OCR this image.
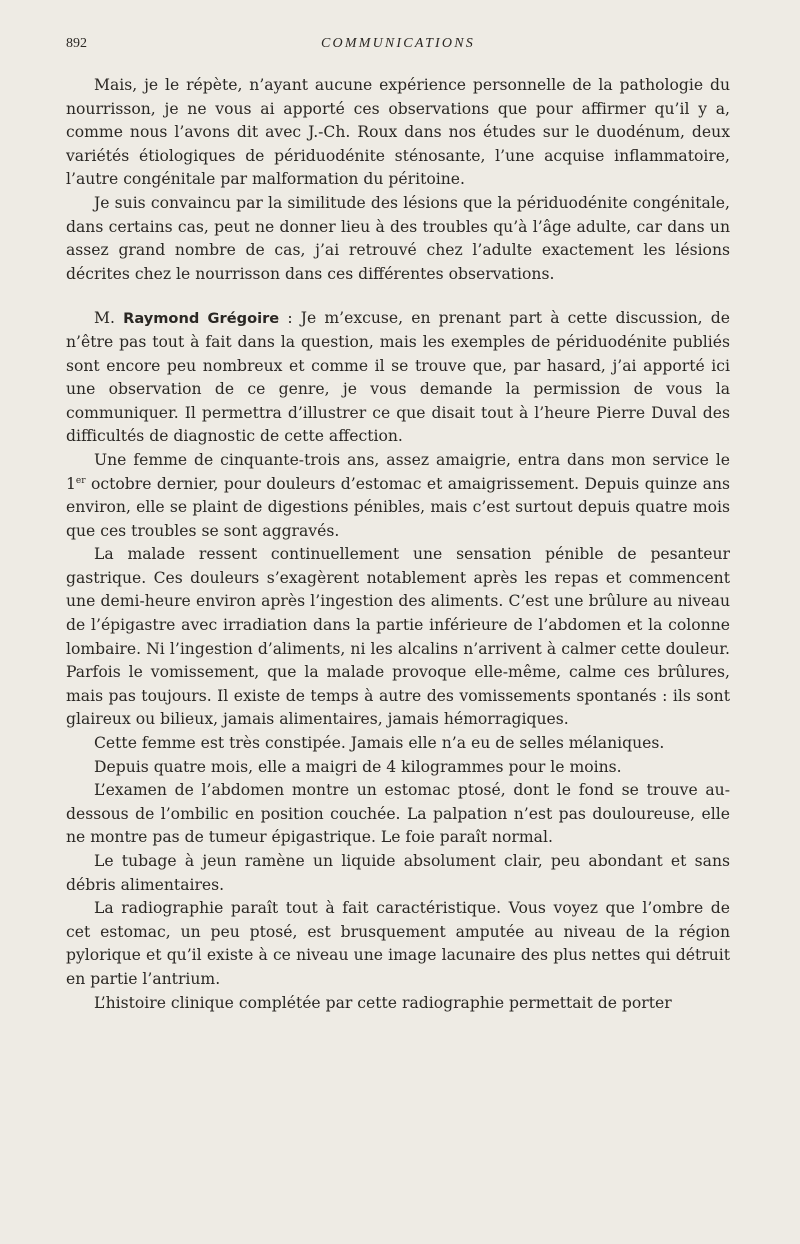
892	COMMUNICATIONS

Mais, je le répète, n’ayant aucune expérience personnelle de la pathologie du nourrisson, je ne vous ai apporté ces observations que pour affirmer qu’il y a, comme nous l’avons dit avec J.-Ch. Roux dans nos études sur le duodénum, deux variétés étiologiques de périduodénite sténosante, l’une acquise inflammatoire, l’autre congénitale par malformation du péritoine.

Je suis convaincu par la similitude des lésions que la périduodénite congénitale, dans certains cas, peut ne donner lieu à des troubles qu’à l’âge adulte, car dans un assez grand nombre de cas, j’ai retrouvé chez l’adulte exactement les lésions décrites chez le nourrisson dans ces différentes observations.

M. Raymond Grégoire : Je m’excuse, en prenant part à cette discussion, de n’être pas tout à fait dans la question, mais les exemples de périduodénite publiés sont encore peu nombreux et comme il se trouve que, par hasard, j’ai apporté ici une observation de ce genre, je vous demande la permission de vous la communiquer. Il permettra d’illustrer ce que disait tout à l’heure Pierre Duval des difficultés de diagnostic de cette affection.

Une femme de cinquante-trois ans, assez amaigrie, entra dans mon service le 1er octobre dernier, pour douleurs d’estomac et amaigrissement. Depuis quinze ans environ, elle se plaint de digestions pénibles, mais c’est surtout depuis quatre mois que ces troubles se sont aggravés.

La malade ressent continuellement une sensation pénible de pesanteur gastrique. Ces douleurs s’exagèrent notablement après les repas et commencent une demi-heure environ après l’ingestion des aliments. C’est une brûlure au niveau de l’épigastre avec irradiation dans la partie inférieure de l’abdomen et la colonne lombaire. Ni l’ingestion d’aliments, ni les alcalins n’arrivent à calmer cette douleur. Parfois le vomissement, que la malade provoque elle-même, calme ces brûlures, mais pas toujours. Il existe de temps à autre des vomissements spontanés : ils sont glaireux ou bilieux, jamais alimentaires, jamais hémorragiques.

Cette femme est très constipée. Jamais elle n’a eu de selles mélaniques.

Depuis quatre mois, elle a maigri de 4 kilogrammes pour le moins.

L’examen de l’abdomen montre un estomac ptosé, dont le fond se trouve au-dessous de l’ombilic en position couchée. La palpation n’est pas douloureuse, elle ne montre pas de tumeur épigastrique. Le foie paraît normal.

Le tubage à jeun ramène un liquide absolument clair, peu abondant et sans débris alimentaires.

La radiographie paraît tout à fait caractéristique. Vous voyez que l’ombre de cet estomac, un peu ptosé, est brusquement amputée au niveau de la région pylorique et qu’il existe à ce niveau une image lacunaire des plus nettes qui détruit en partie l’antrium.

L’histoire clinique complétée par cette radiographie permettait de porter
